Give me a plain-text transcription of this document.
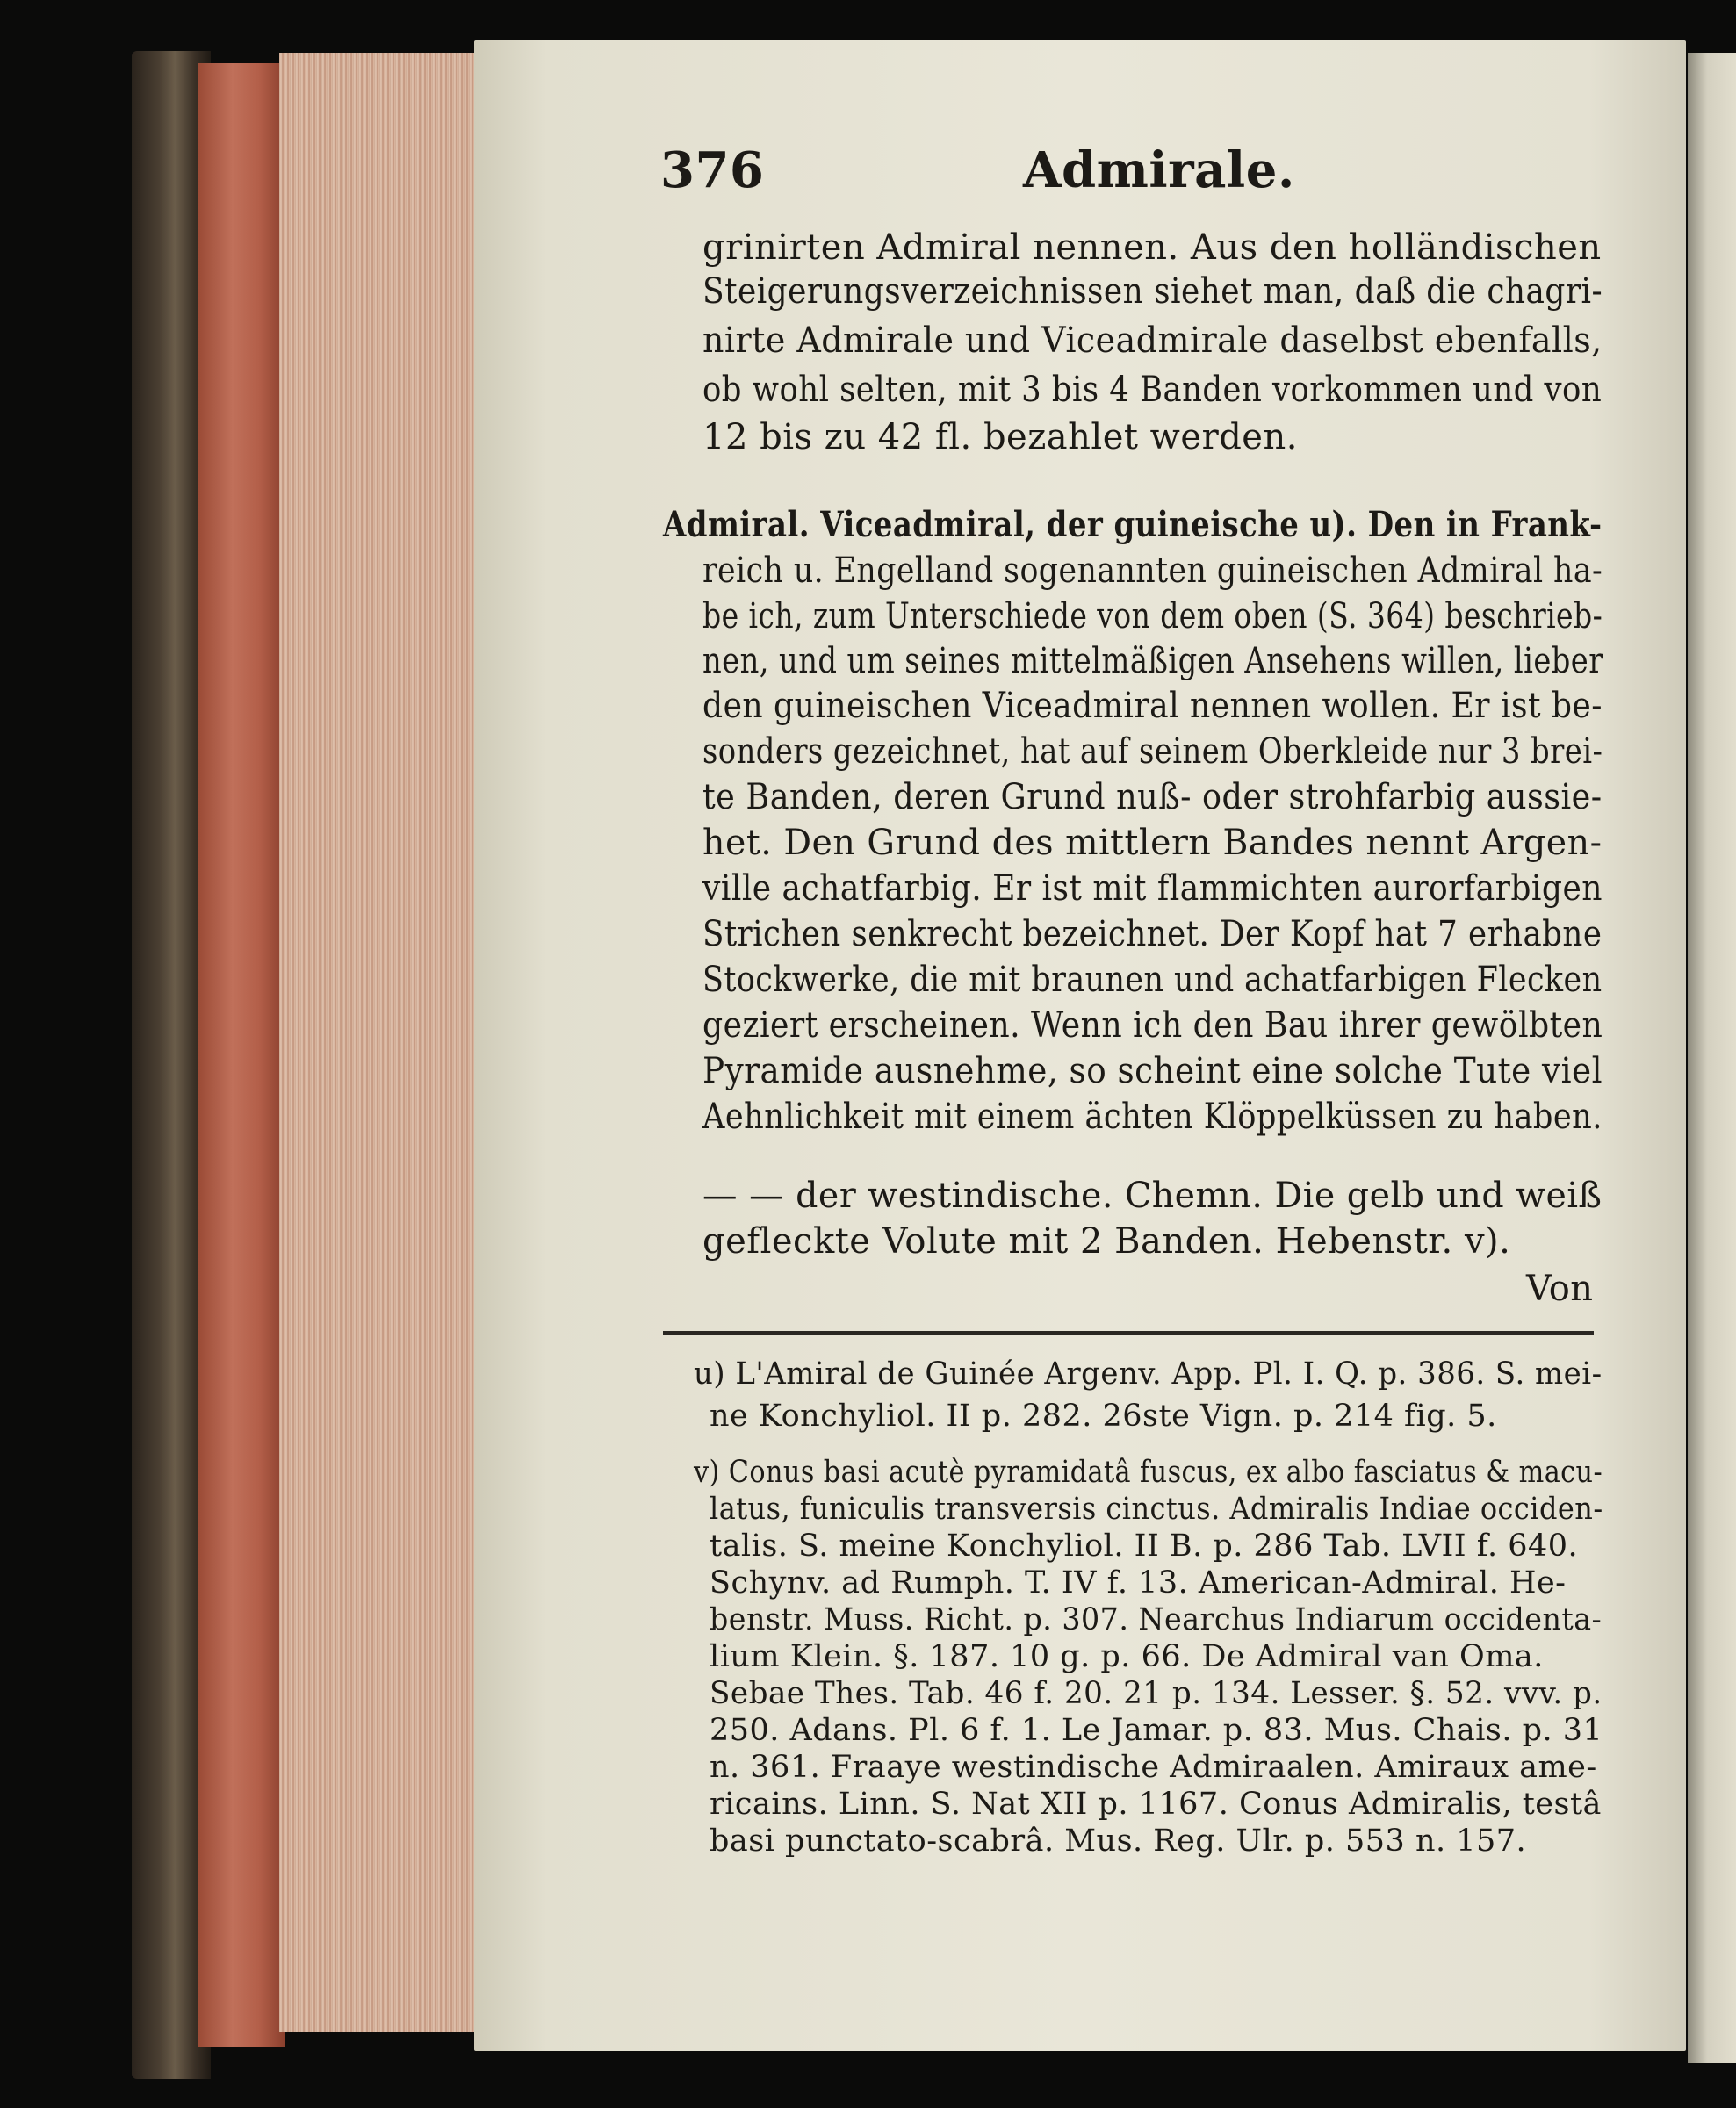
376	Admirale.
grinirten Admiral nennen. Aus den holländischen
Steigerungsverzeichnissen siehet man, daß die chagri-
nirte Admirale und Viceadmirale daselbst ebenfalls,
ob wohl selten, mit 3 bis 4 Banden vorkommen und von
12 bis zu 42 fl. bezahlet werden.
Admiral. Viceadmiral, der guineische u). Den in Frank-
reich u. Engelland sogenannten guineischen Admiral ha-
be ich, zum Unterschiede von dem oben (S. 364) beschrieb-
nen, und um seines mittelmäßigen Ansehens willen, lieber
den guineischen Viceadmiral nennen wollen. Er ist be-
sonders gezeichnet, hat auf seinem Oberkleide nur 3 brei-
te Banden, deren Grund nuß- oder strohfarbig aussie-
het. Den Grund des mittlern Bandes nennt Argen-
ville achatfarbig. Er ist mit flammichten aurorfarbigen
Strichen senkrecht bezeichnet. Der Kopf hat 7 erhabne
Stockwerke, die mit braunen und achatfarbigen Flecken
geziert erscheinen. Wenn ich den Bau ihrer gewölbten
Pyramide ausnehme, so scheint eine solche Tute viel
Aehnlichkeit mit einem ächten Klöppelküssen zu haben.
— — der westindische. Chemn. Die gelb und weiß
gefleckte Volute mit 2 Banden. Hebenstr. v).
Von
u) L'Amiral de Guinée Argenv. App. Pl. I. Q. p. 386. S. mei-
ne Konchyliol. II p. 282. 26ste Vign. p. 214 fig. 5.
v) Conus basi acutè pyramidatâ fuscus, ex albo fasciatus & macu-
latus, funiculis transversis cinctus. Admiralis Indiae occiden-
talis. S. meine Konchyliol. II B. p. 286 Tab. LVII f. 640.
Schynv. ad Rumph. T. IV f. 13. American-Admiral. He-
benstr. Muss. Richt. p. 307. Nearchus Indiarum occidenta-
lium Klein. §. 187. 10 g. p. 66. De Admiral van Oma.
Sebae Thes. Tab. 46 f. 20. 21 p. 134. Lesser. §. 52. vvv. p.
250. Adans. Pl. 6 f. 1. Le Jamar. p. 83. Mus. Chais. p. 31
n. 361. Fraaye westindische Admiraalen. Amiraux ame-
ricains. Linn. S. Nat XII p. 1167. Conus Admiralis, testâ
basi punctato-scabrâ. Mus. Reg. Ulr. p. 553 n. 157.
